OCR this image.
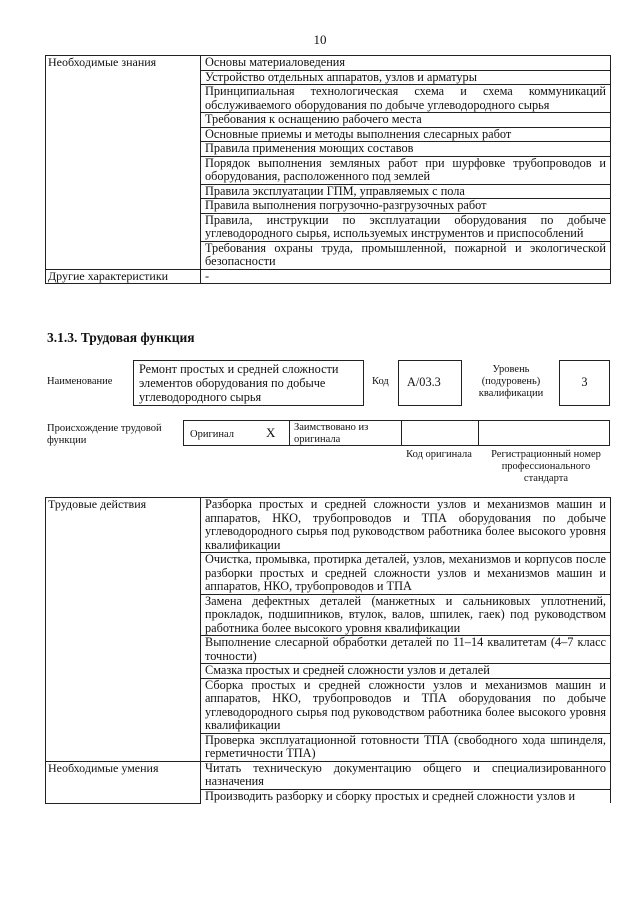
10
Необходимые знания	Основы материаловедения
	Устройство отдельных аппаратов, узлов и арматуры
	Принципиальная технологическая схема и схема коммуникаций обслуживаемого оборудования по добыче углеводородного сырья
	Требования к оснащению рабочего места
	Основные приемы и методы выполнения слесарных работ
	Правила применения моющих составов
	Порядок выполнения земляных работ при шурфовке трубопроводов и оборудования, расположенного под землей
	Правила эксплуатации ГПМ, управляемых с пола
	Правила выполнения погрузочно-разгрузочных работ
	Правила, инструкции по эксплуатации оборудования по добыче углеводородного сырья, используемых инструментов и приспособлений
	Требования охраны труда, промышленной, пожарной и экологической безопасности
Другие характеристики	-
3.1.3. Трудовая функция
Наименование
Ремонт простых и средней сложности элементов оборудования по добыче углеводородного сырья
Код	А/03.3
Уровень (подуровень) квалификации
3
Происхождение трудовой функции
Оригинал X Заимствовано из оригинала
Код оригинала	Регистрационный номер профессионального стандарта
Трудовые действия	Разборка простых и средней сложности узлов и механизмов машин и аппаратов, НКО, трубопроводов и ТПА оборудования по добыче углеводородного сырья под руководством работника более высокого уровня квалификации
	Очистка, промывка, протирка деталей, узлов, механизмов и корпусов после разборки простых и средней сложности узлов и механизмов машин и аппаратов, НКО, трубопроводов и ТПА
	Замена дефектных деталей (манжетных и сальниковых уплотнений, прокладок, подшипников, втулок, валов, шпилек, гаек) под руководством работника более высокого уровня квалификации
	Выполнение слесарной обработки деталей по 11–14 квалитетам (4–7 класс точности)
	Смазка простых и средней сложности узлов и деталей
	Сборка простых и средней сложности узлов и механизмов машин и аппаратов, НКО, трубопроводов и ТПА оборудования по добыче углеводородного сырья под руководством работника более высокого уровня квалификации
	Проверка эксплуатационной готовности ТПА (свободного хода шпинделя, герметичности ТПА)
Необходимые умения	Читать техническую документацию общего и специализированного назначения
	Производить разборку и сборку простых и средней сложности узлов и
